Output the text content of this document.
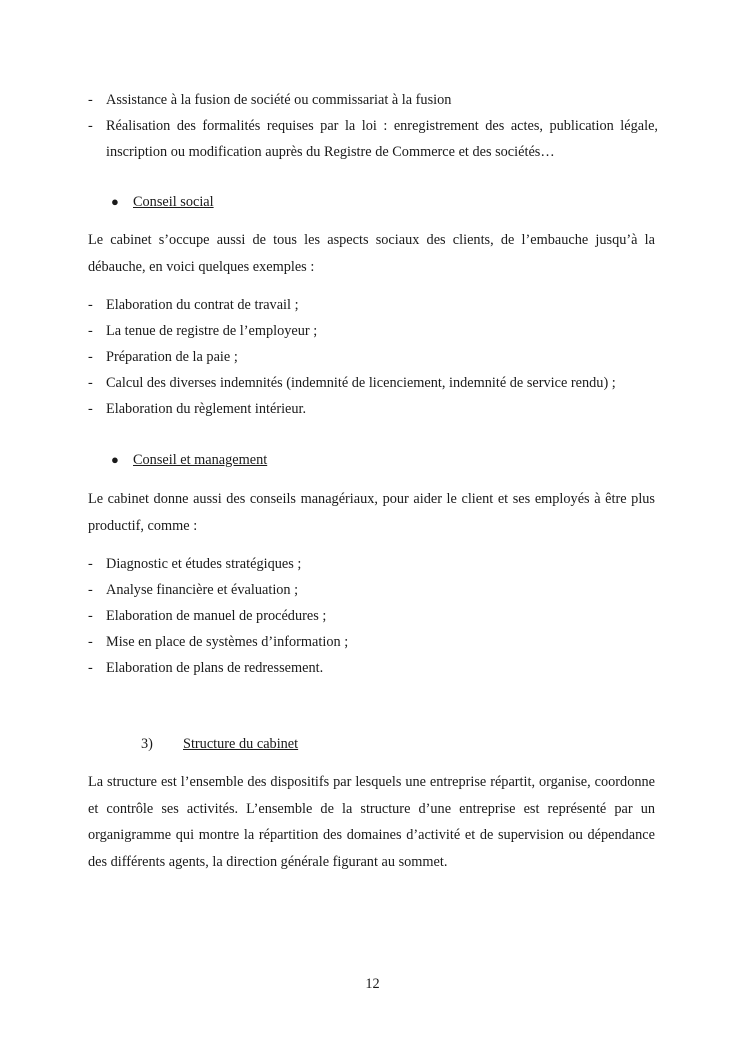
- Assistance à la fusion de société ou commissariat à la fusion
- Réalisation des formalités requises par la loi : enregistrement des actes, publication légale, inscription ou modification auprès du Registre de Commerce et des sociétés…
● Conseil social

Le cabinet s’occupe aussi de tous les aspects sociaux des clients, de l’embauche jusqu’à la débauche, en voici quelques exemples :

- Elaboration du contrat de travail ;
- La tenue de registre de l’employeur ;
- Préparation de la paie ;
- Calcul des diverses indemnités (indemnité de licenciement, indemnité de service rendu) ;
- Elaboration du règlement intérieur.
● Conseil et management

Le cabinet donne aussi des conseils managériaux, pour aider le client et ses employés à être plus productif, comme :

- Diagnostic et études stratégiques ;
- Analyse financière et évaluation ;
- Elaboration de manuel de procédures ;
- Mise en place de systèmes d’information ;
- Elaboration de plans de redressement.
3) Structure du cabinet

La structure est l’ensemble des dispositifs par lesquels une entreprise répartit, organise, coordonne et contrôle ses activités. L’ensemble de la structure d’une entreprise est représenté par un organigramme qui montre la répartition des domaines d’activité et de supervision ou dépendance des différents agents, la direction générale figurant au sommet.

12
